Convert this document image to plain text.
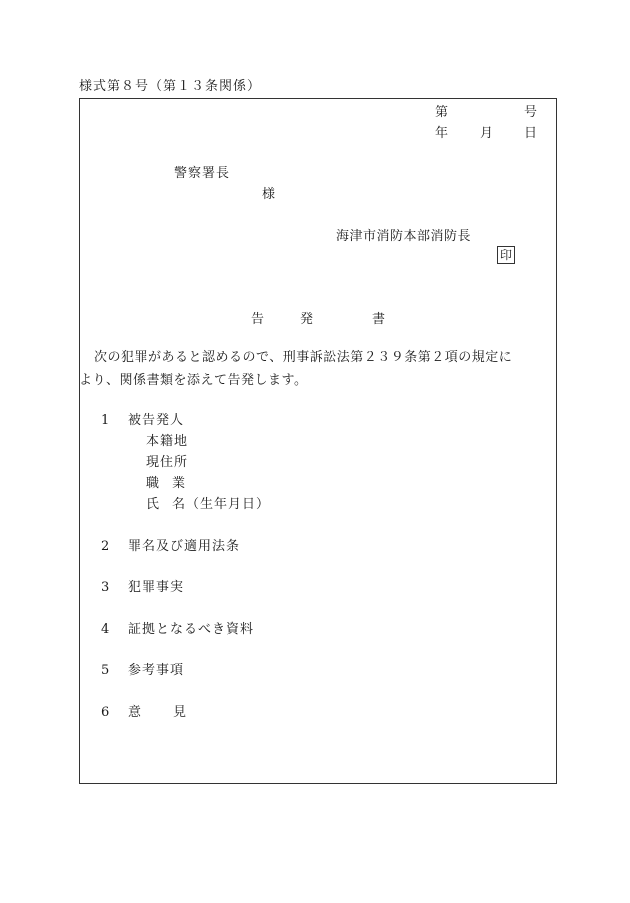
様式第８号（第１３条関係）
第	号
年 月 日
警察署長
様
海津市消防本部消防長
印
告	発	書
次の犯罪があると認めるので、刑事訴訟法第２３９条第２項の規定に
より、関係書類を添えて告発します。
1 被告発人
本籍地
現住所
職 業
氏 名（生年月日）
2 罪名及び適用法条
3 犯罪事実
4 証拠となるべき資料
5 参考事項
6 意 見
